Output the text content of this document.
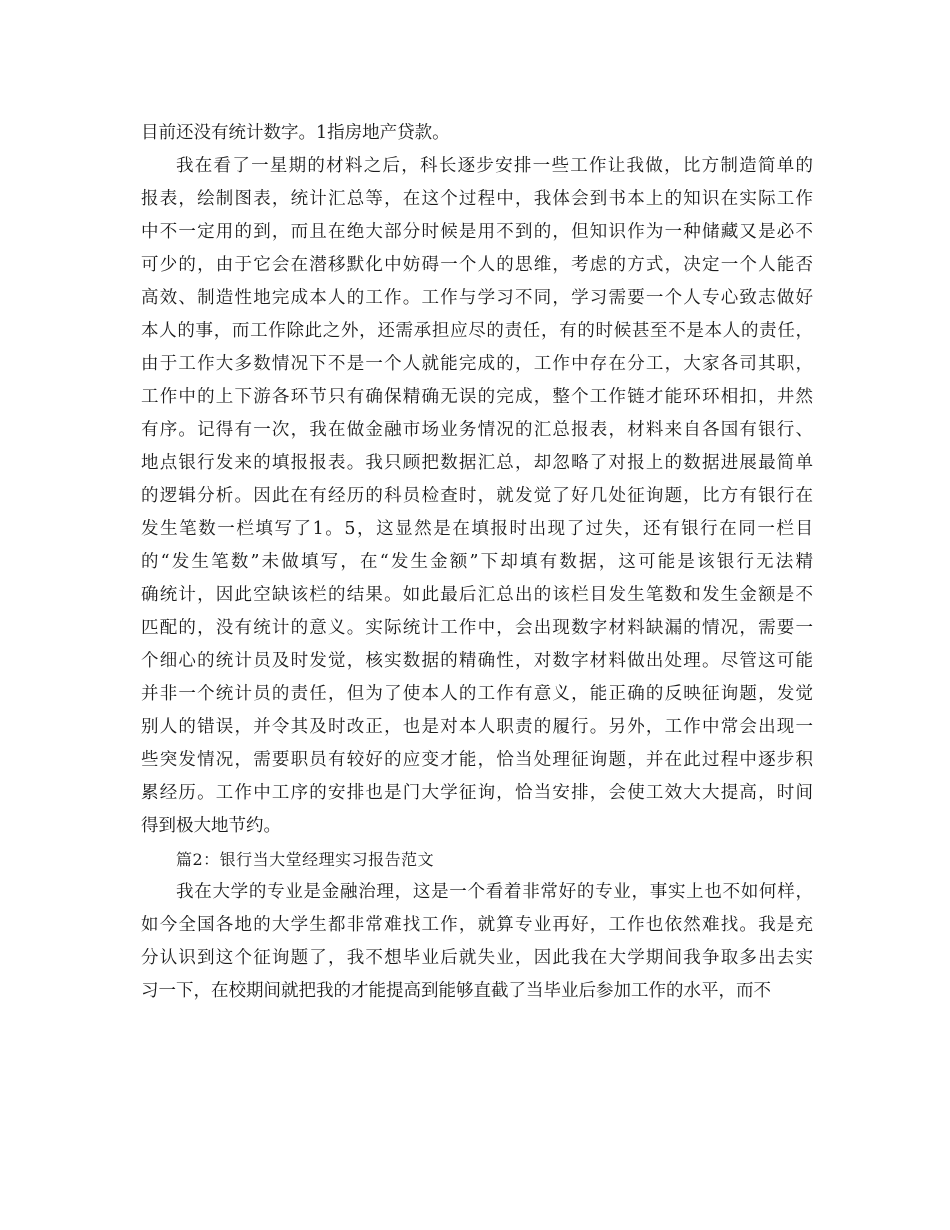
目前还没有统计数字。1指房地产贷款。
我在看了一星期的材料之后，科长逐步安排一些工作让我做，比方制造简单的
报表，绘制图表，统计汇总等，在这个过程中，我体会到书本上的知识在实际工作
中不一定用的到，而且在绝大部分时候是用不到的，但知识作为一种储藏又是必不
可少的，由于它会在潜移默化中妨碍一个人的思维，考虑的方式，决定一个人能否
高效、制造性地完成本人的工作。工作与学习不同，学习需要一个人专心致志做好
本人的事，而工作除此之外，还需承担应尽的责任，有的时候甚至不是本人的责任，
由于工作大多数情况下不是一个人就能完成的，工作中存在分工，大家各司其职，
工作中的上下游各环节只有确保精确无误的完成，整个工作链才能环环相扣，井然
有序。记得有一次，我在做金融市场业务情况的汇总报表，材料来自各国有银行、
地点银行发来的填报报表。我只顾把数据汇总，却忽略了对报上的数据进展最简单
的逻辑分析。因此在有经历的科员检查时，就发觉了好几处征询题，比方有银行在
发生笔数一栏填写了1。5，这显然是在填报时出现了过失，还有银行在同一栏目
的“发生笔数”未做填写，在“发生金额”下却填有数据，这可能是该银行无法精
确统计，因此空缺该栏的结果。如此最后汇总出的该栏目发生笔数和发生金额是不
匹配的，没有统计的意义。实际统计工作中，会出现数字材料缺漏的情况，需要一
个细心的统计员及时发觉，核实数据的精确性，对数字材料做出处理。尽管这可能
并非一个统计员的责任，但为了使本人的工作有意义，能正确的反映征询题，发觉
别人的错误，并令其及时改正，也是对本人职责的履行。另外，工作中常会出现一
些突发情况，需要职员有较好的应变才能，恰当处理征询题，并在此过程中逐步积
累经历。工作中工序的安排也是门大学征询，恰当安排，会使工效大大提高，时间
得到极大地节约。
篇2：银行当大堂经理实习报告范文
我在大学的专业是金融治理，这是一个看着非常好的专业，事实上也不如何样，
如今全国各地的大学生都非常难找工作，就算专业再好，工作也依然难找。我是充
分认识到这个征询题了，我不想毕业后就失业，因此我在大学期间我争取多出去实
习一下，在校期间就把我的才能提高到能够直截了当毕业后参加工作的水平，而不
